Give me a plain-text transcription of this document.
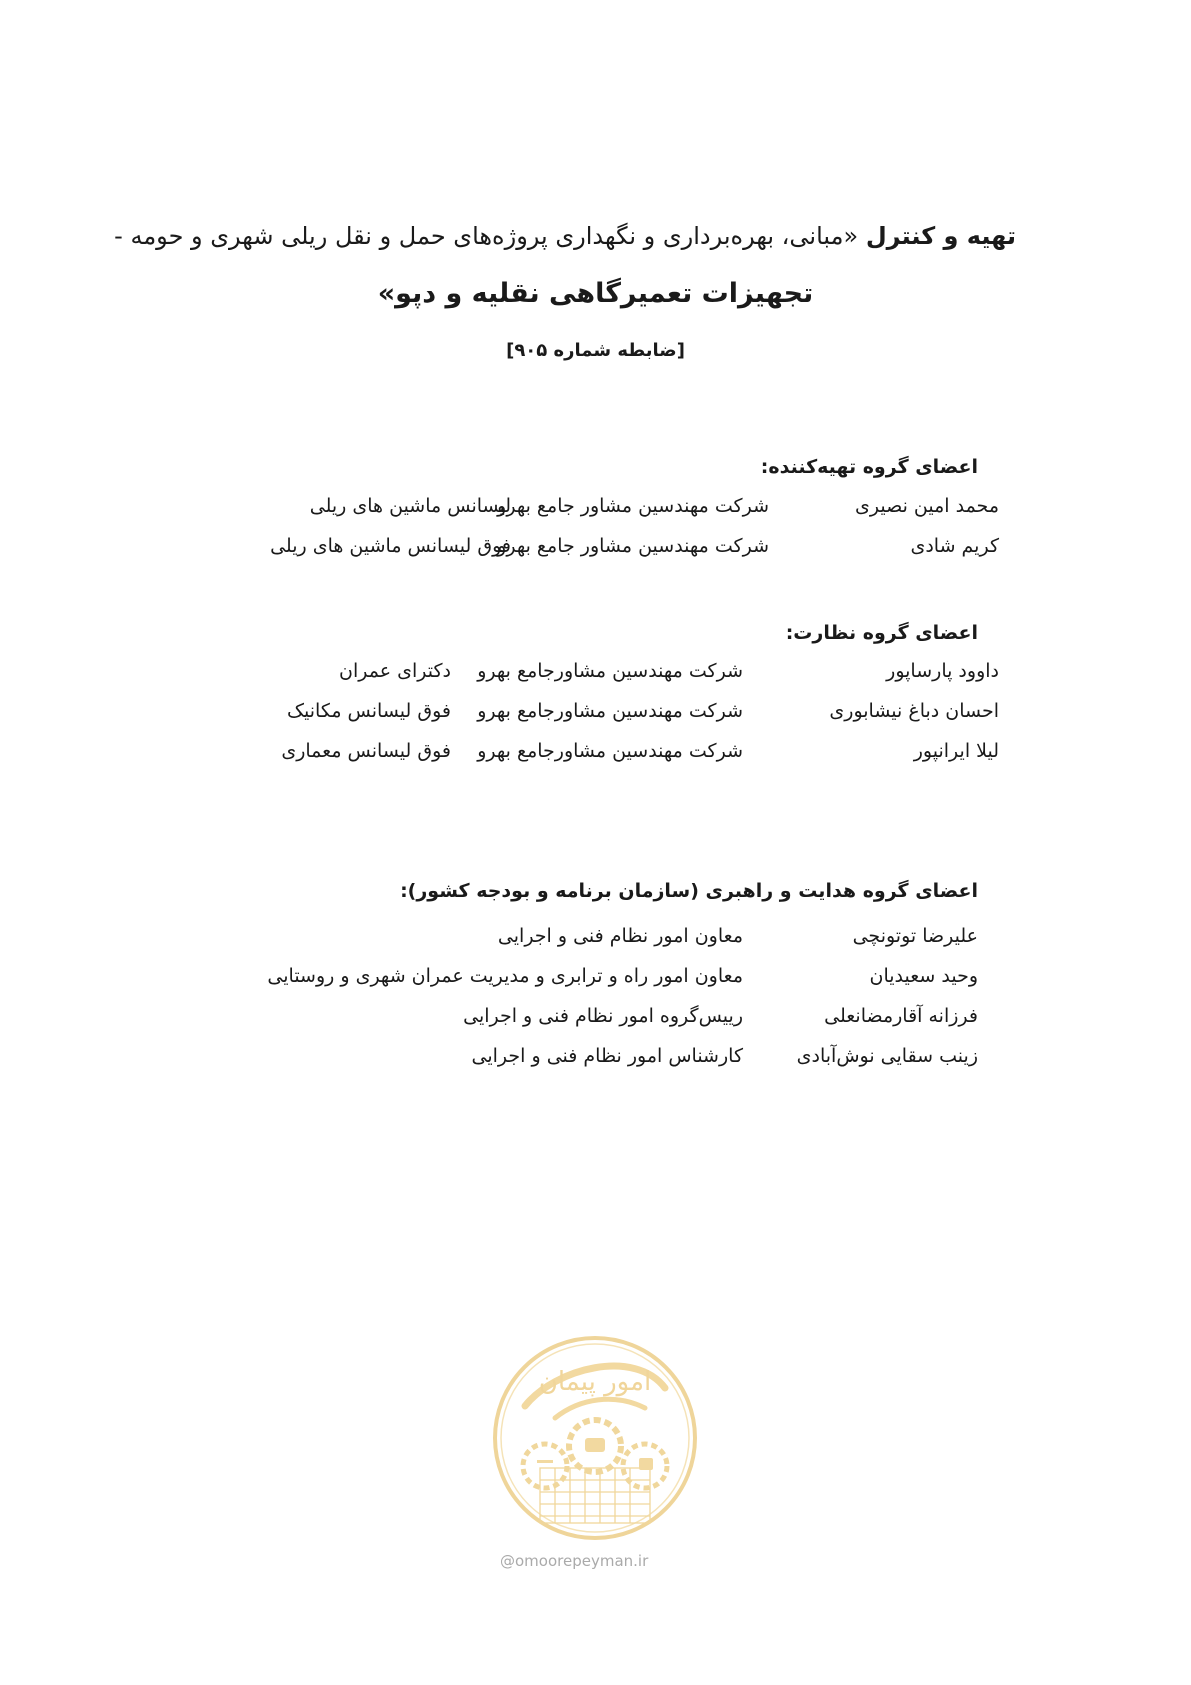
تهیه و کنترل «مبانی، بهره‌برداری و نگهداری پروژه‌های حمل و نقل ریلی شهری و حومه -
تجهیزات تعمیرگاهی نقلیه و دپو»
[ضابطه شماره ۹۰۵]
اعضای گروه تهیه‌کننده:
محمد امین نصیری
شرکت مهندسین مشاور جامع بهرو
لیسانس ماشین های ریلی
کریم شادی
شرکت مهندسین مشاور جامع بهرو
فوق لیسانس ماشین های ریلی
اعضای گروه نظارت:
داوود پارساپور
شرکت مهندسین مشاورجامع بهرو
دکترای عمران
احسان دباغ نیشابوری
شرکت مهندسین مشاورجامع بهرو
فوق لیسانس مکانیک
لیلا ایرانپور
شرکت مهندسین مشاورجامع بهرو
فوق لیسانس معماری
اعضای گروه هدایت و راهبری (سازمان برنامه و بودجه کشور):
علیرضا توتونچی
معاون امور نظام فنی و اجرایی
وحید سعیدیان
معاون امور راه و ترابری و مدیریت عمران شهری و روستایی
فرزانه آقارمضانعلی
رییس‌گروه امور نظام فنی و اجرایی
زینب سقایی نوش‌آبادی
کارشناس امور نظام فنی و اجرایی
امور پیمان
@omoorepeyman.ir
